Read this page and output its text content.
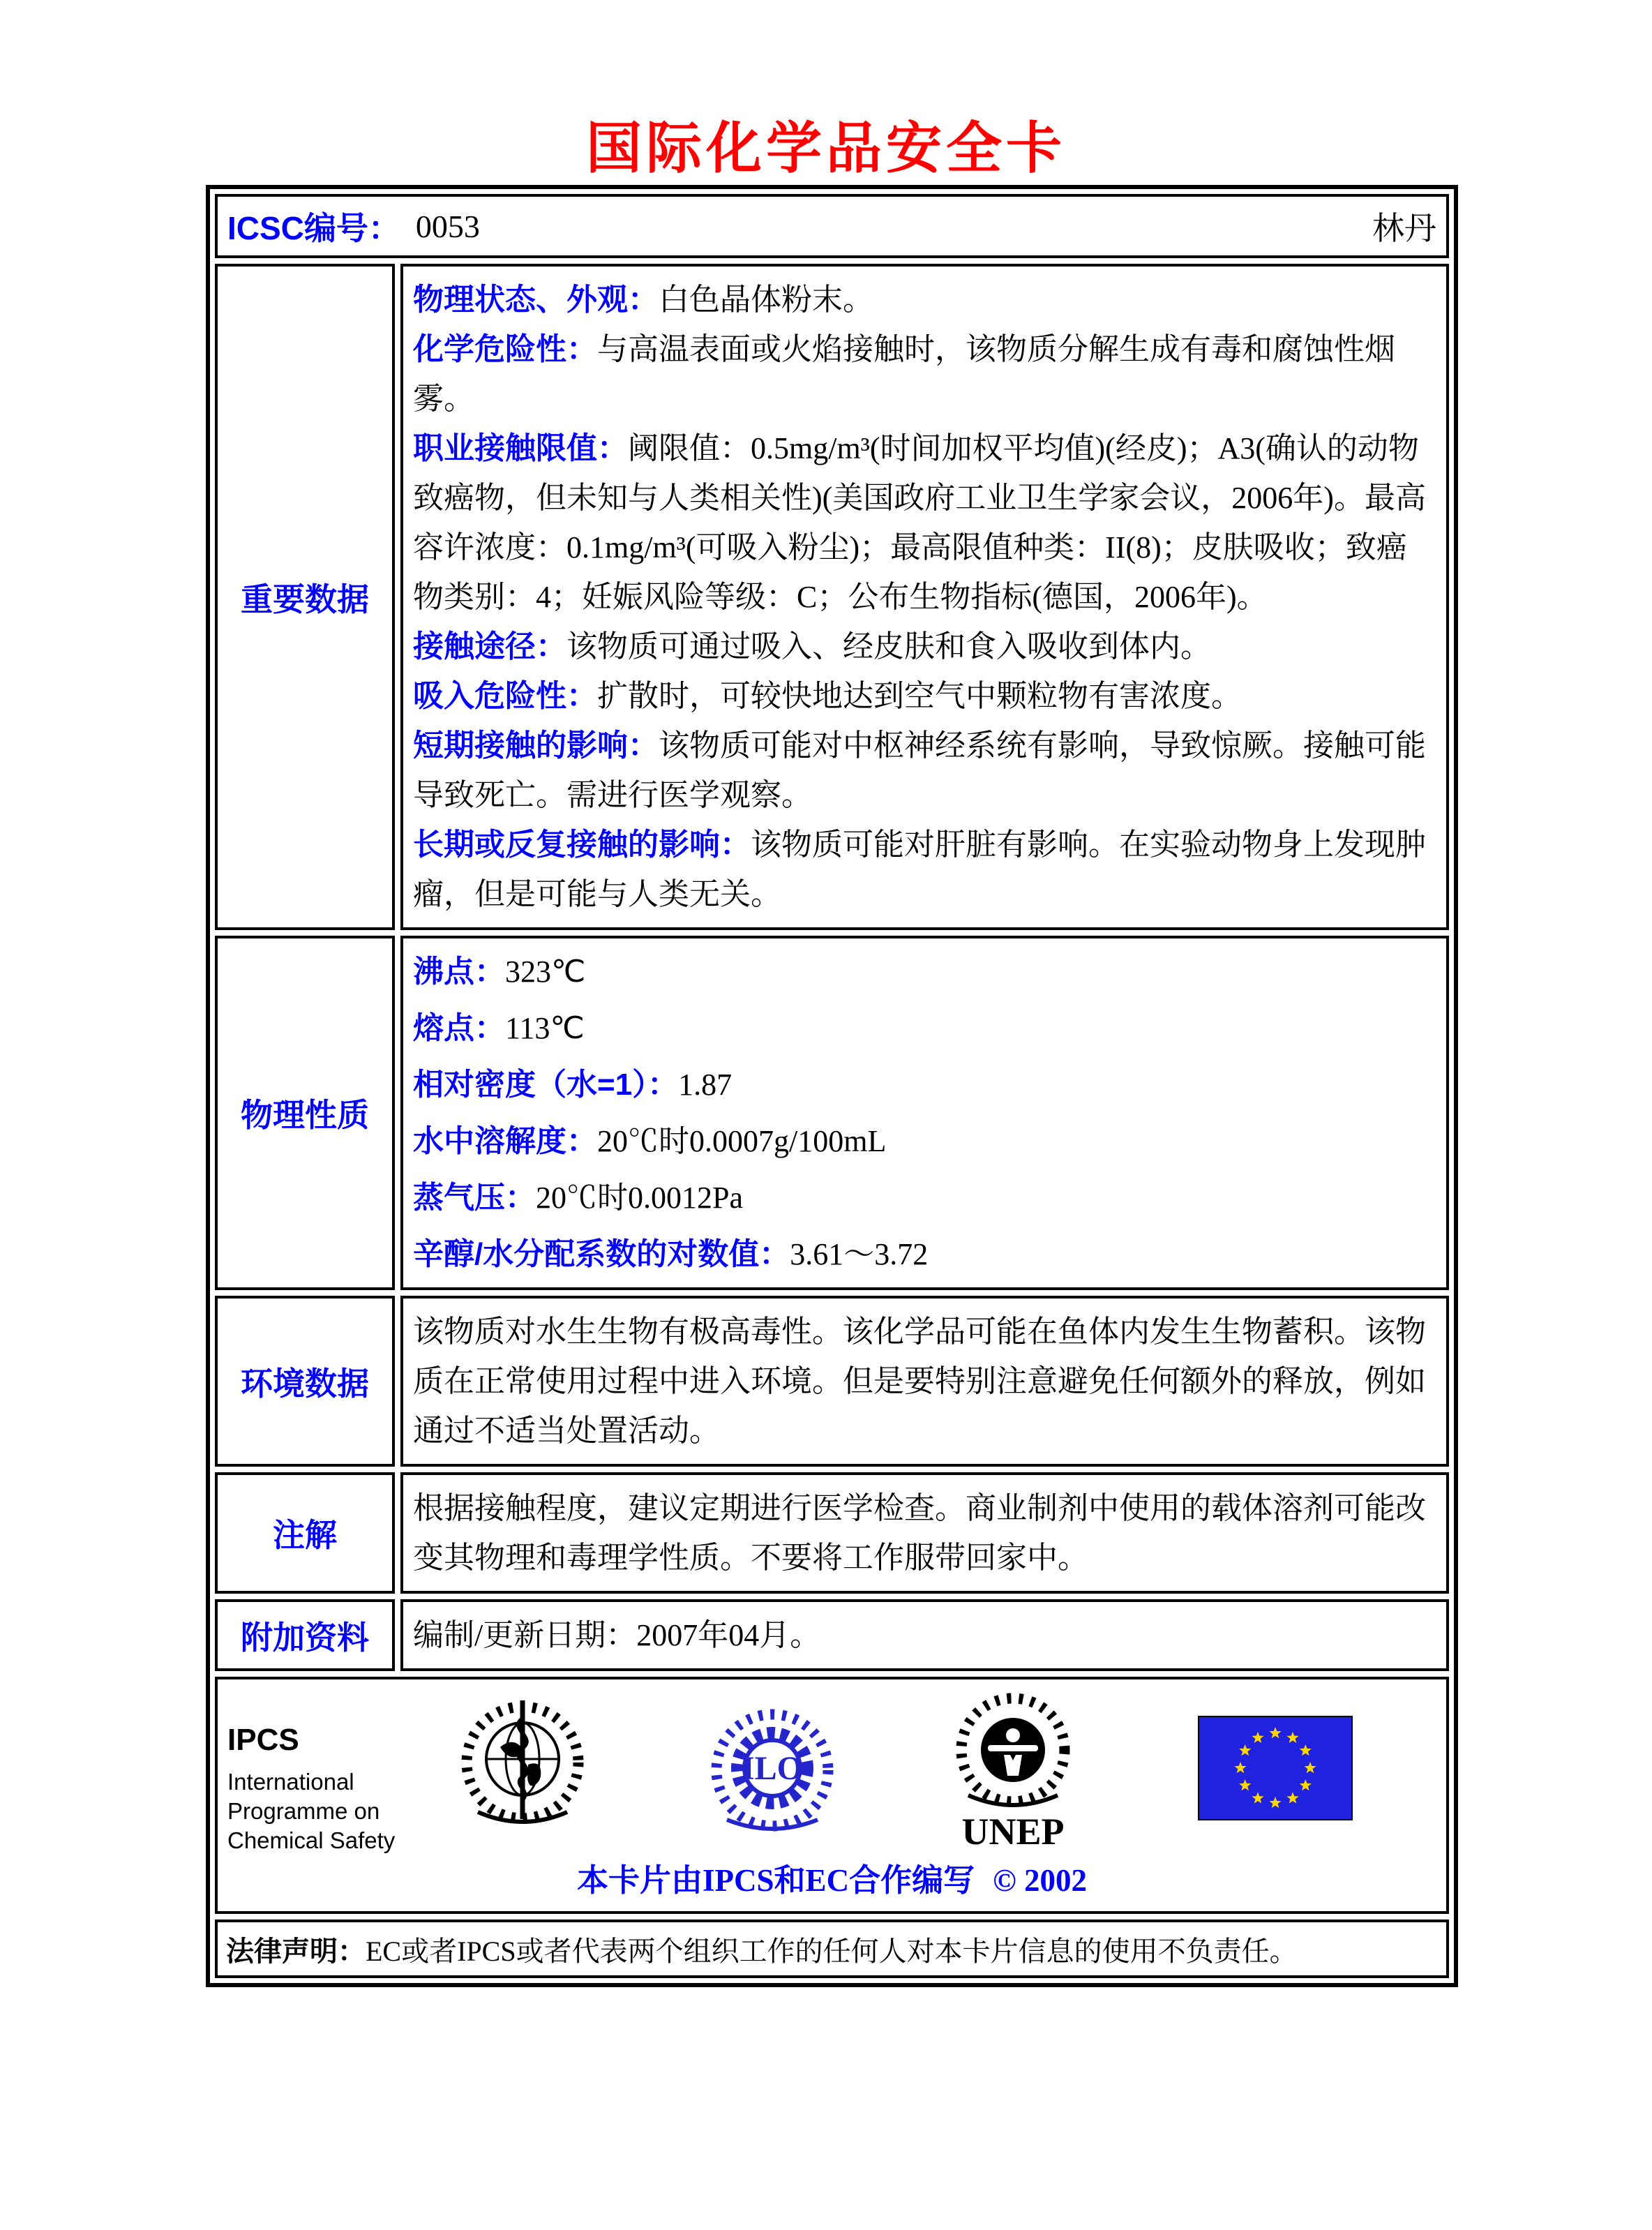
国际化学品安全卡
ICSC编号： 0053	林丹
重要数据
物理状态、外观：白色晶体粉末。
化学危险性：与高温表面或火焰接触时，该物质分解生成有毒和腐蚀性烟雾。
职业接触限值：阈限值：0.5mg/m³(时间加权平均值)(经皮)；A3(确认的动物致癌物，但未知与人类相关性)(美国政府工业卫生学家会议，2006年)。最高容许浓度：0.1mg/m³(可吸入粉尘)；最高限值种类：II(8)；皮肤吸收；致癌物类别：4；妊娠风险等级：C；公布生物指标(德国，2006年)。
接触途径：该物质可通过吸入、经皮肤和食入吸收到体内。
吸入危险性：扩散时，可较快地达到空气中颗粒物有害浓度。
短期接触的影响：该物质可能对中枢神经系统有影响，导致惊厥。接触可能导致死亡。需进行医学观察。
长期或反复接触的影响：该物质可能对肝脏有影响。在实验动物身上发现肿瘤，但是可能与人类无关。
物理性质
沸点：323℃
熔点：113℃
相对密度（水=1）：1.87
水中溶解度：20℃时0.0007g/100mL
蒸气压：20℃时0.0012Pa
辛醇/水分配系数的对数值：3.61～3.72
环境数据
该物质对水生生物有极高毒性。该化学品可能在鱼体内发生生物蓄积。该物质在正常使用过程中进入环境。但是要特别注意避免任何额外的释放，例如通过不适当处置活动。
注解
根据接触程度，建议定期进行医学检查。商业制剂中使用的载体溶剂可能改变其物理和毒理学性质。不要将工作服带回家中。
附加资料	编制/更新日期：2007年04月。
IPCS
International
Programme on
Chemical Safety
ILO
UNEP
本卡片由IPCS和EC合作编写 © 2002
法律声明： EC或者IPCS或者代表两个组织工作的任何人对本卡片信息的使用不负责任。
